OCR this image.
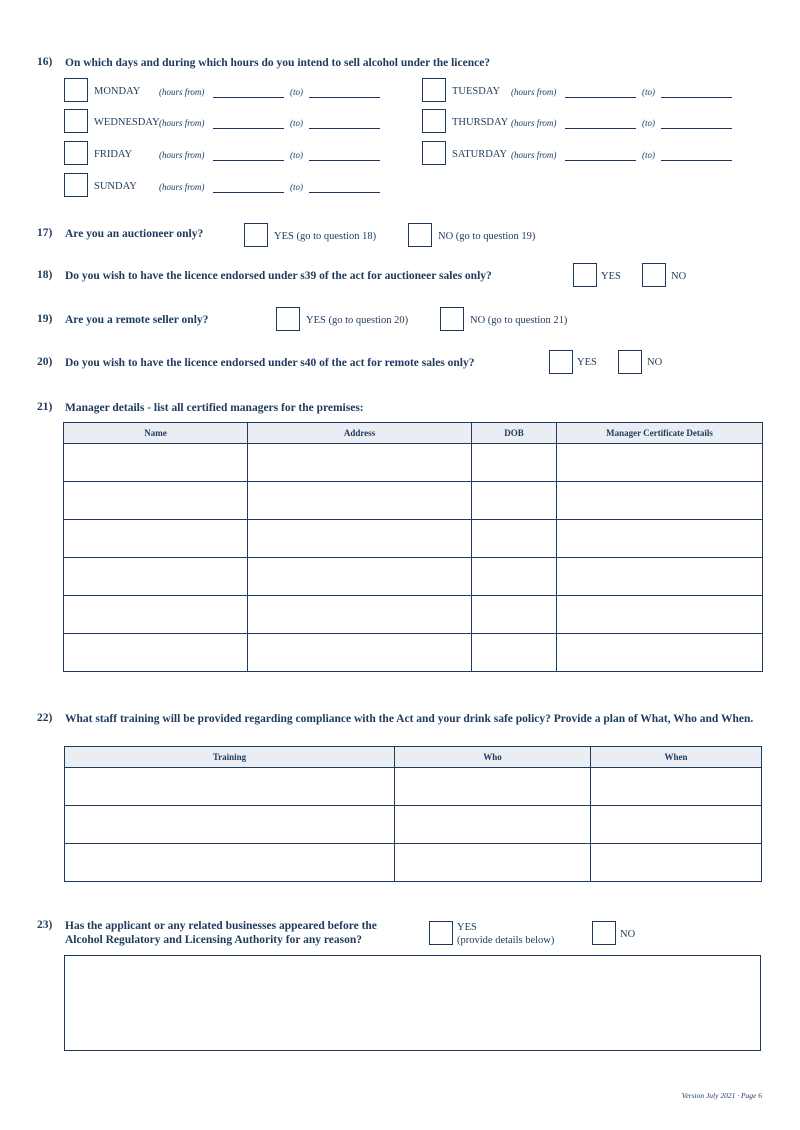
16) On which days and during which hours do you intend to sell alcohol under the licence?
MONDAY (hours from)	(to)	TUESDAY (hours from)	(to)
WEDNESDAY (hours from)	(to)	THURSDAY (hours from)	(to)
FRIDAY	(hours from)	(to)	SATURDAY (hours from)	(to)
SUNDAY (hours from)	(to)
17) Are you an auctioneer only?	YES (go to question 18)	NO (go to question 19)
18) Do you wish to have the licence endorsed under s39 of the act for auctioneer sales only?	YES	NO
19) Are you a remote seller only?	YES (go to question 20)	NO (go to question 21)
20) Do you wish to have the licence endorsed under s40 of the act for remote sales only?	YES	NO
21) Manager details - list all certified managers for the premises:
Name	Address	DOB	Manager Certificate Details

22) What staff training will be provided regarding compliance with the Act and your drink safe policy? Provide a plan of What, Who and When.
Training	Who	When

23) Has the applicant or any related businesses appeared before the Alcohol Regulatory and Licensing Authority for any reason?
YES
(provide details below)
NO
Version July 2021 · Page 6
